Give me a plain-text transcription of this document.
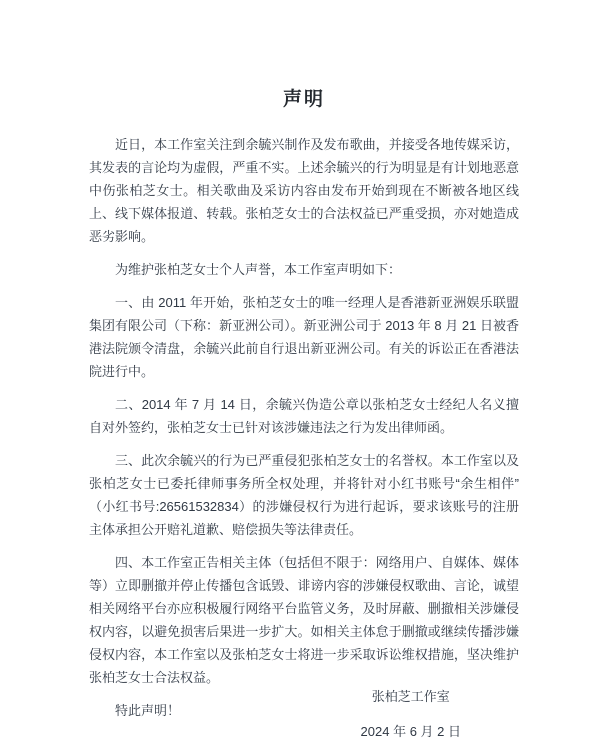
声明

近日，本工作室关注到余毓兴制作及发布歌曲，并接受各地传媒采访，其发表的言论均为虚假，严重不实。上述余毓兴的行为明显是有计划地恶意中伤张柏芝女士。相关歌曲及采访内容由发布开始到现在不断被各地区线上、线下媒体报道、转载。张柏芝女士的合法权益已严重受损，亦对她造成恶劣影响。

为维护张柏芝女士个人声誉，本工作室声明如下：

一、由 2011 年开始，张柏芝女士的唯一经理人是香港新亚洲娱乐联盟集团有限公司（下称：新亚洲公司）。新亚洲公司于 2013 年 8 月 21 日被香港法院颁令清盘，余毓兴此前自行退出新亚洲公司。有关的诉讼正在香港法院进行中。

二、2014 年 7 月 14 日，余毓兴伪造公章以张柏芝女士经纪人名义擅自对外签约，张柏芝女士已针对该涉嫌违法之行为发出律师函。

三、此次余毓兴的行为已严重侵犯张柏芝女士的名誉权。本工作室以及张柏芝女士已委托律师事务所全权处理，并将针对小红书账号“余生相伴”（小红书号:26561532834）的涉嫌侵权行为进行起诉，要求该账号的注册主体承担公开赔礼道歉、赔偿损失等法律责任。

四、本工作室正告相关主体（包括但不限于：网络用户、自媒体、媒体等）立即删撤并停止传播包含诋毁、诽谤内容的涉嫌侵权歌曲、言论，诚望相关网络平台亦应积极履行网络平台监管义务，及时屏蔽、删撤相关涉嫌侵权内容，以避免损害后果进一步扩大。如相关主体怠于删撤或继续传播涉嫌侵权内容，本工作室以及张柏芝女士将进一步采取诉讼维权措施，坚决维护张柏芝女士合法权益。

特此声明！

张柏芝工作室
2024 年 6 月 2 日
